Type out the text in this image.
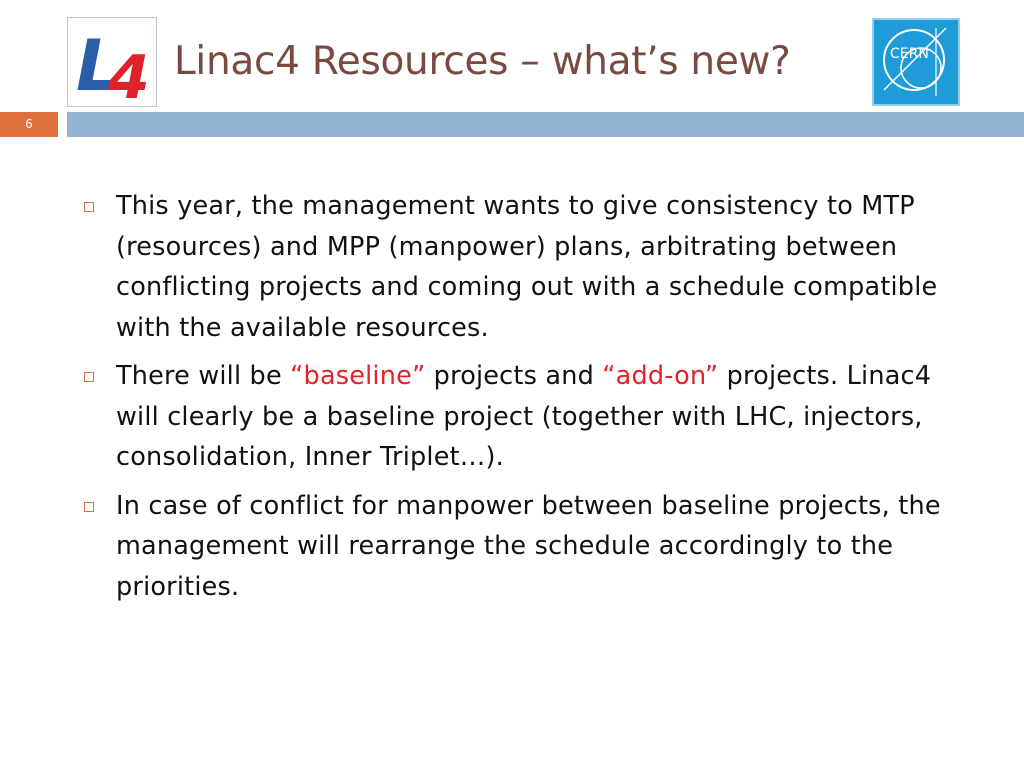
L
4 Linac4 Resources – what’s new?	CERN
6
This year, the management wants to give consistency to MTP (resources) and MPP (manpower) plans, arbitrating between conflicting projects and coming out with a schedule compatible with the available resources.
There will be “baseline” projects and “add-on” projects. Linac4 will clearly be a baseline project (together with LHC, injectors, consolidation, Inner Triplet…).
In case of conflict for manpower between baseline projects, the management will rearrange the schedule accordingly to the priorities.
